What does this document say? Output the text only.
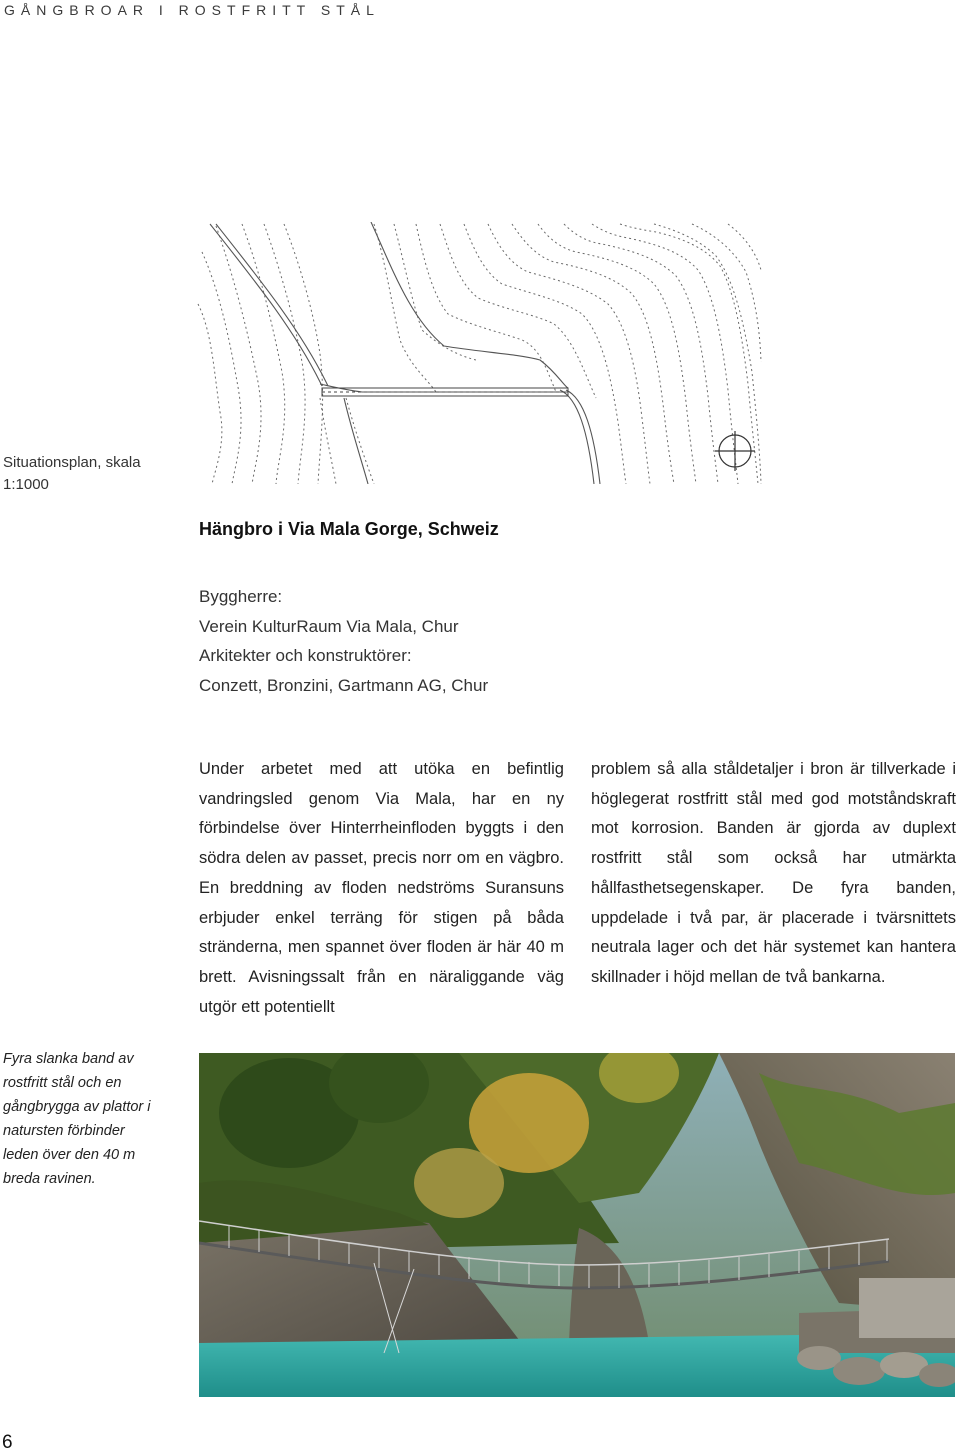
GÅNGBROAR I ROSTFRITT STÅL
Situationsplan, skala 1:1000
Hängbro i Via Mala Gorge, Schweiz
Byggherre:
Verein KulturRaum Via Mala, Chur
Arkitekter och konstruktörer:
Conzett, Bronzini, Gartmann AG, Chur
Under arbetet med att utöka en befintlig vandringsled genom Via Mala, har en ny förbindelse över Hinterrheinfloden byggts i den södra delen av passet, precis norr om en vägbro. En breddning av floden nedströms Suransuns erbjuder enkel terräng för stigen på båda stränderna, men spannet över floden är här 40 m brett. Avisningssalt från en näraliggande väg utgör ett potentiellt
problem så alla ståldetaljer i bron är tillverkade i höglegerat rostfritt stål med god motståndskraft mot korrosion. Banden är gjorda av duplext rostfritt stål som också har utmärkta hållfasthetsegenskaper. De fyra banden, uppdelade i två par, är placerade i tvärsnittets neutrala lager och det här systemet kan hantera skillnader i höjd mellan de två bankarna.
Fyra slanka band av rostfritt stål och en gångbrygga av plattor i natursten förbinder leden över den 40 m breda ravinen.
6
